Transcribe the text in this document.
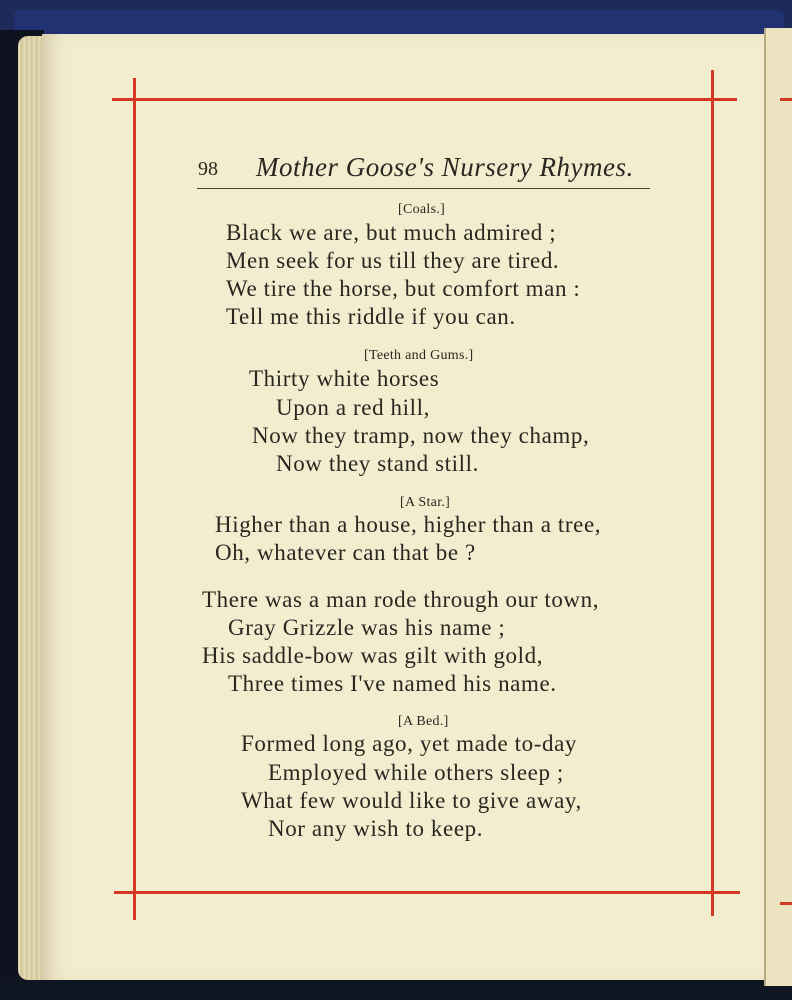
98 Mother Goose's Nursery Rhymes.
[Coals.]
Black we are, but much admired ;
Men seek for us till they are tired.
We tire the horse, but comfort man :
Tell me this riddle if you can.
[Teeth and Gums.]
Thirty white horses
Upon a red hill,
Now they tramp, now they champ,
Now they stand still.
[A Star.]
Higher than a house, higher than a tree,
Oh, whatever can that be ?
There was a man rode through our town,
Gray Grizzle was his name ;
His saddle-bow was gilt with gold,
Three times I've named his name.
[A Bed.]
Formed long ago, yet made to-day
Employed while others sleep ;
What few would like to give away,
Nor any wish to keep.
